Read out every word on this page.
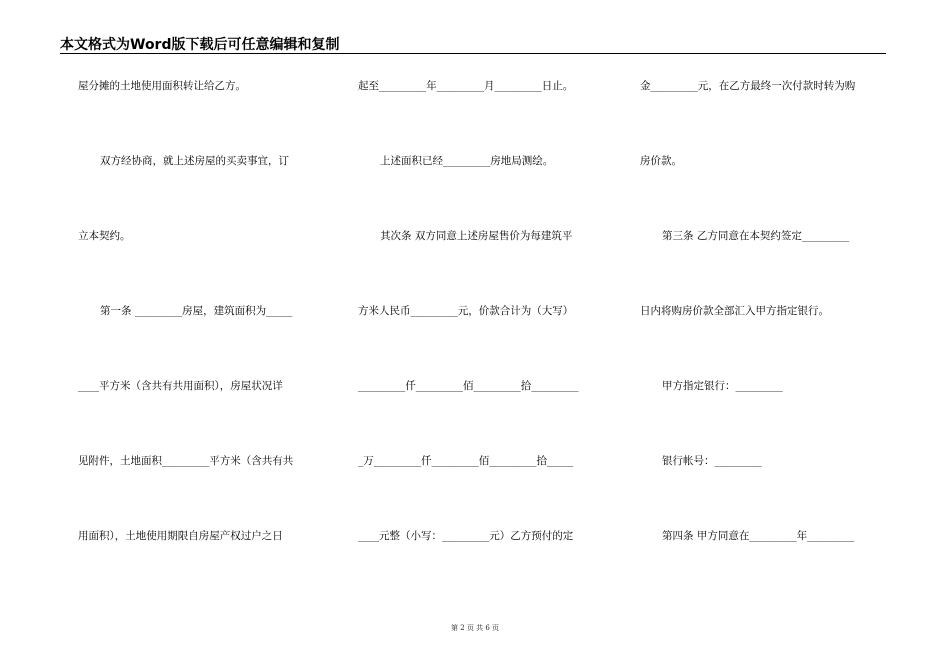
本文格式为Word版下载后可任意编辑和复制
屋分摊的土地使用面积转让给乙方。
双方经协商，就上述房屋的买卖事宜，订
立本契约。
第一条 _________房屋，建筑面积为_____
____平方米（含共有共用面积），房屋状况详
见附件，土地面积_________平方米（含共有共
用面积），土地使用期限自房屋产权过户之日
起至_________年_________月_________日止。
上述面积已经_________房地局测绘。
其次条 双方同意上述房屋售价为每建筑平
方米人民币_________元，价款合计为（大写）
_________仟_________佰_________拾_________
_万_________仟_________佰_________拾_____
____元整（小写：_________元）乙方预付的定
金_________元，在乙方最终一次付款时转为购
房价款。
第三条 乙方同意在本契约签定_________
日内将购房价款全部汇入甲方指定银行。
甲方指定银行：_________
银行帐号：_________
第四条 甲方同意在_________年_________
第 2 页 共 6 页
